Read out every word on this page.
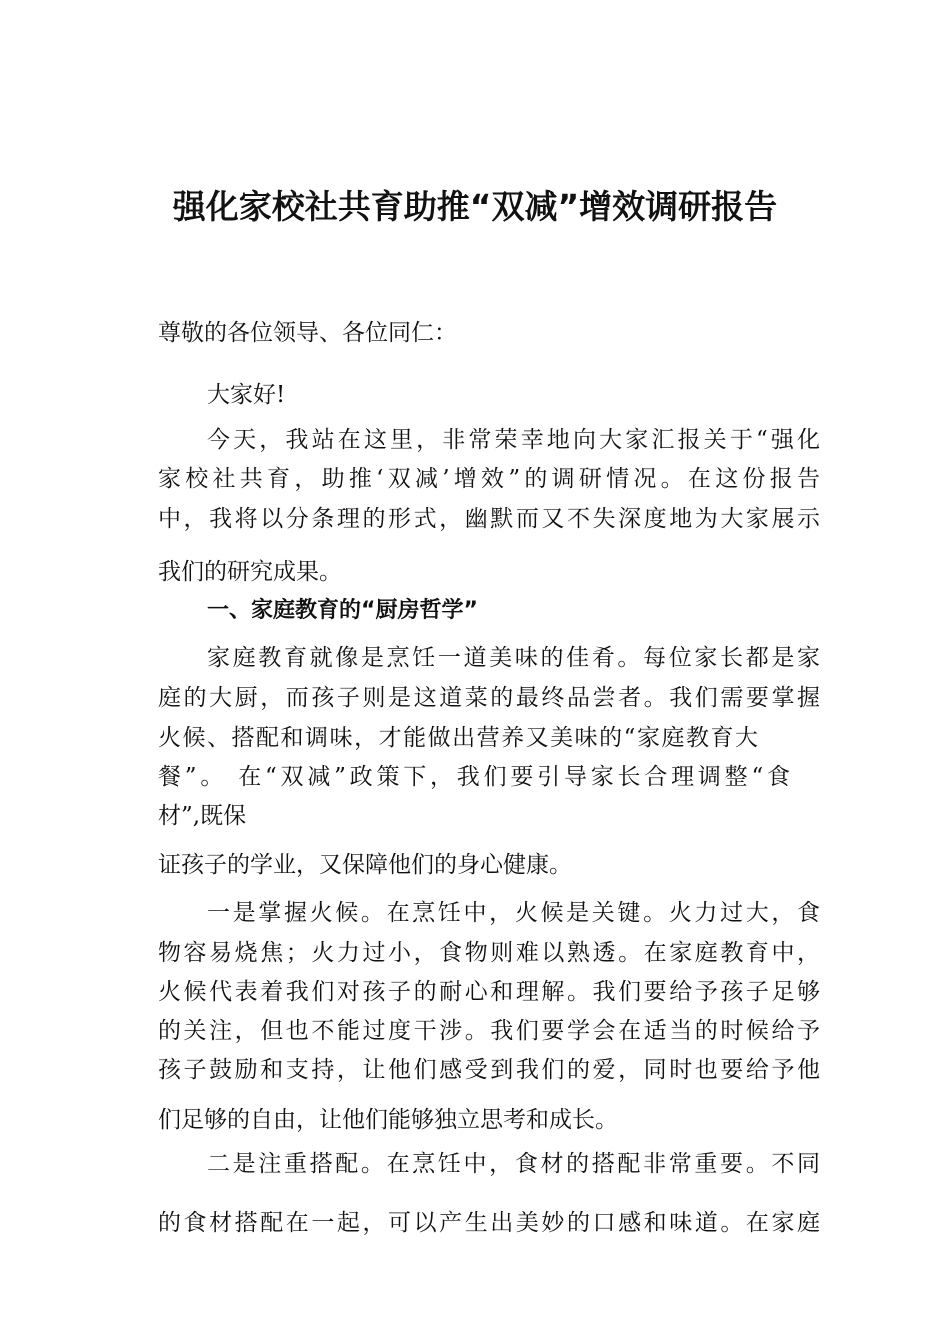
强化家校社共育助推“双减”增效调研报告
尊敬的各位领导、各位同仁：
大家好!
今天，我站在这里，非常荣幸地向大家汇报关于“强化
家校社共育，助推‘双减’增效”的调研情况。在这份报告
中，我将以分条理的形式，幽默而又不失深度地为大家展示
我们的研究成果。
一、家庭教育的“厨房哲学”
家庭教育就像是烹饪一道美味的佳肴。每位家长都是家
庭的大厨，而孩子则是这道菜的最终品尝者。我们需要掌握
火候、搭配和调味，才能做出营养又美味的“家庭教育大
餐”。 在“双减”政策下，我们要引导家长合理调整“食
材”,既保
证孩子的学业，又保障他们的身心健康。
一是掌握火候。在烹饪中，火候是关键。火力过大，食
物容易烧焦；火力过小，食物则难以熟透。在家庭教育中，
火候代表着我们对孩子的耐心和理解。我们要给予孩子足够
的关注，但也不能过度干涉。我们要学会在适当的时候给予
孩子鼓励和支持，让他们感受到我们的爱，同时也要给予他
们足够的自由，让他们能够独立思考和成长。
二是注重搭配。在烹饪中，食材的搭配非常重要。不同
的食材搭配在一起，可以产生出美妙的口感和味道。在家庭
